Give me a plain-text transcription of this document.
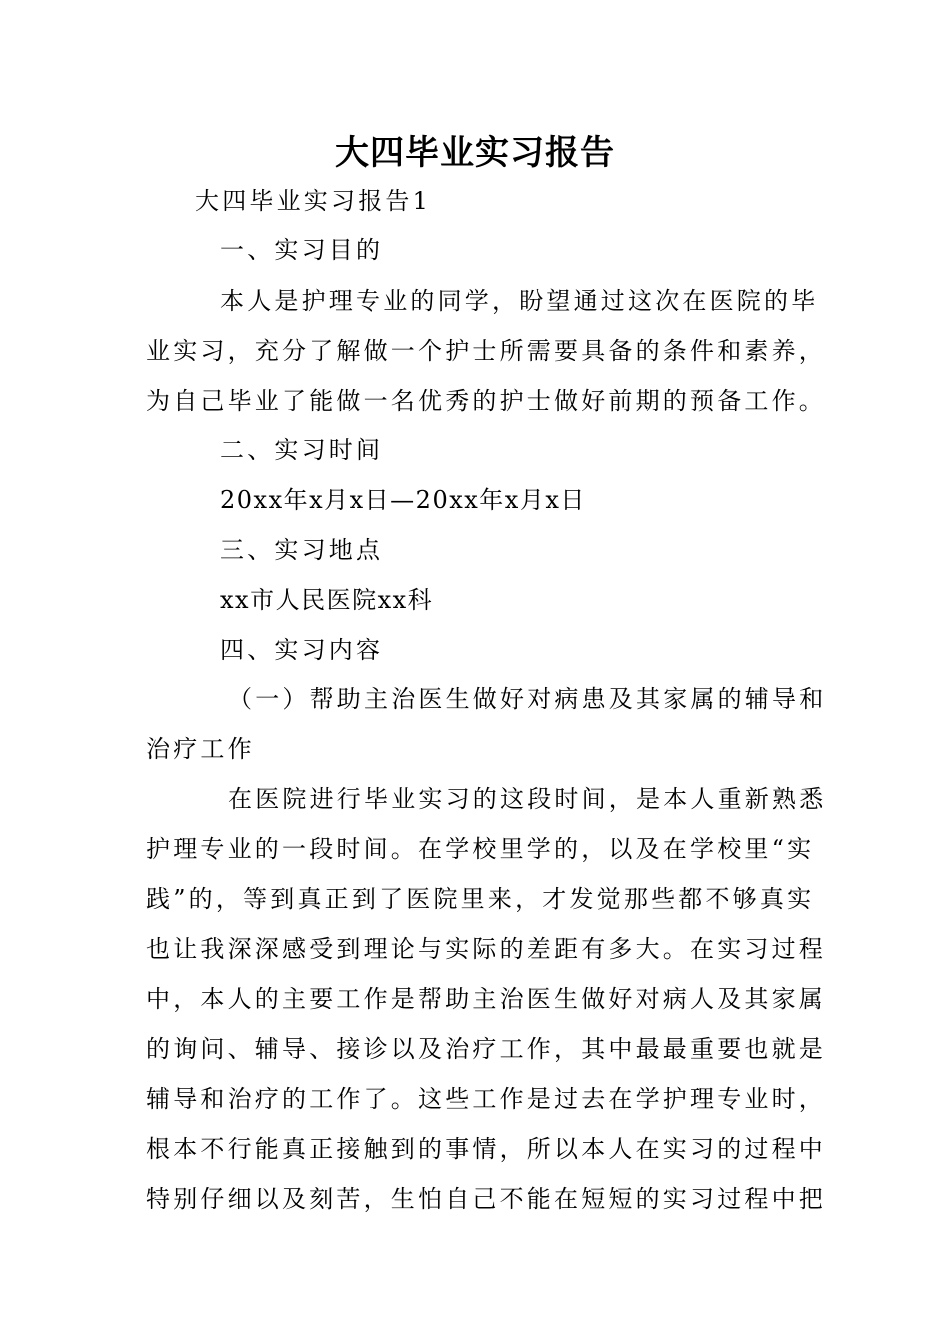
大四毕业实习报告
大四毕业实习报告1
一、实习目的
本人是护理专业的同学，盼望通过这次在医院的毕
业实习，充分了解做一个护士所需要具备的条件和素养，
为自己毕业了能做一名优秀的护士做好前期的预备工作。
二、实习时间
20xx年x月x日—20xx年x月x日
三、实习地点
xx市人民医院xx科
四、实习内容
（一）帮助主治医生做好对病患及其家属的辅导和
治疗工作
在医院进行毕业实习的这段时间，是本人重新熟悉
护理专业的一段时间。在学校里学的，以及在学校里“实
践”的，等到真正到了医院里来，才发觉那些都不够真实
也让我深深感受到理论与实际的差距有多大。在实习过程
中，本人的主要工作是帮助主治医生做好对病人及其家属
的询问、辅导、接诊以及治疗工作，其中最最重要也就是
辅导和治疗的工作了。这些工作是过去在学护理专业时，
根本不行能真正接触到的事情，所以本人在实习的过程中
特别仔细以及刻苦，生怕自己不能在短短的实习过程中把
